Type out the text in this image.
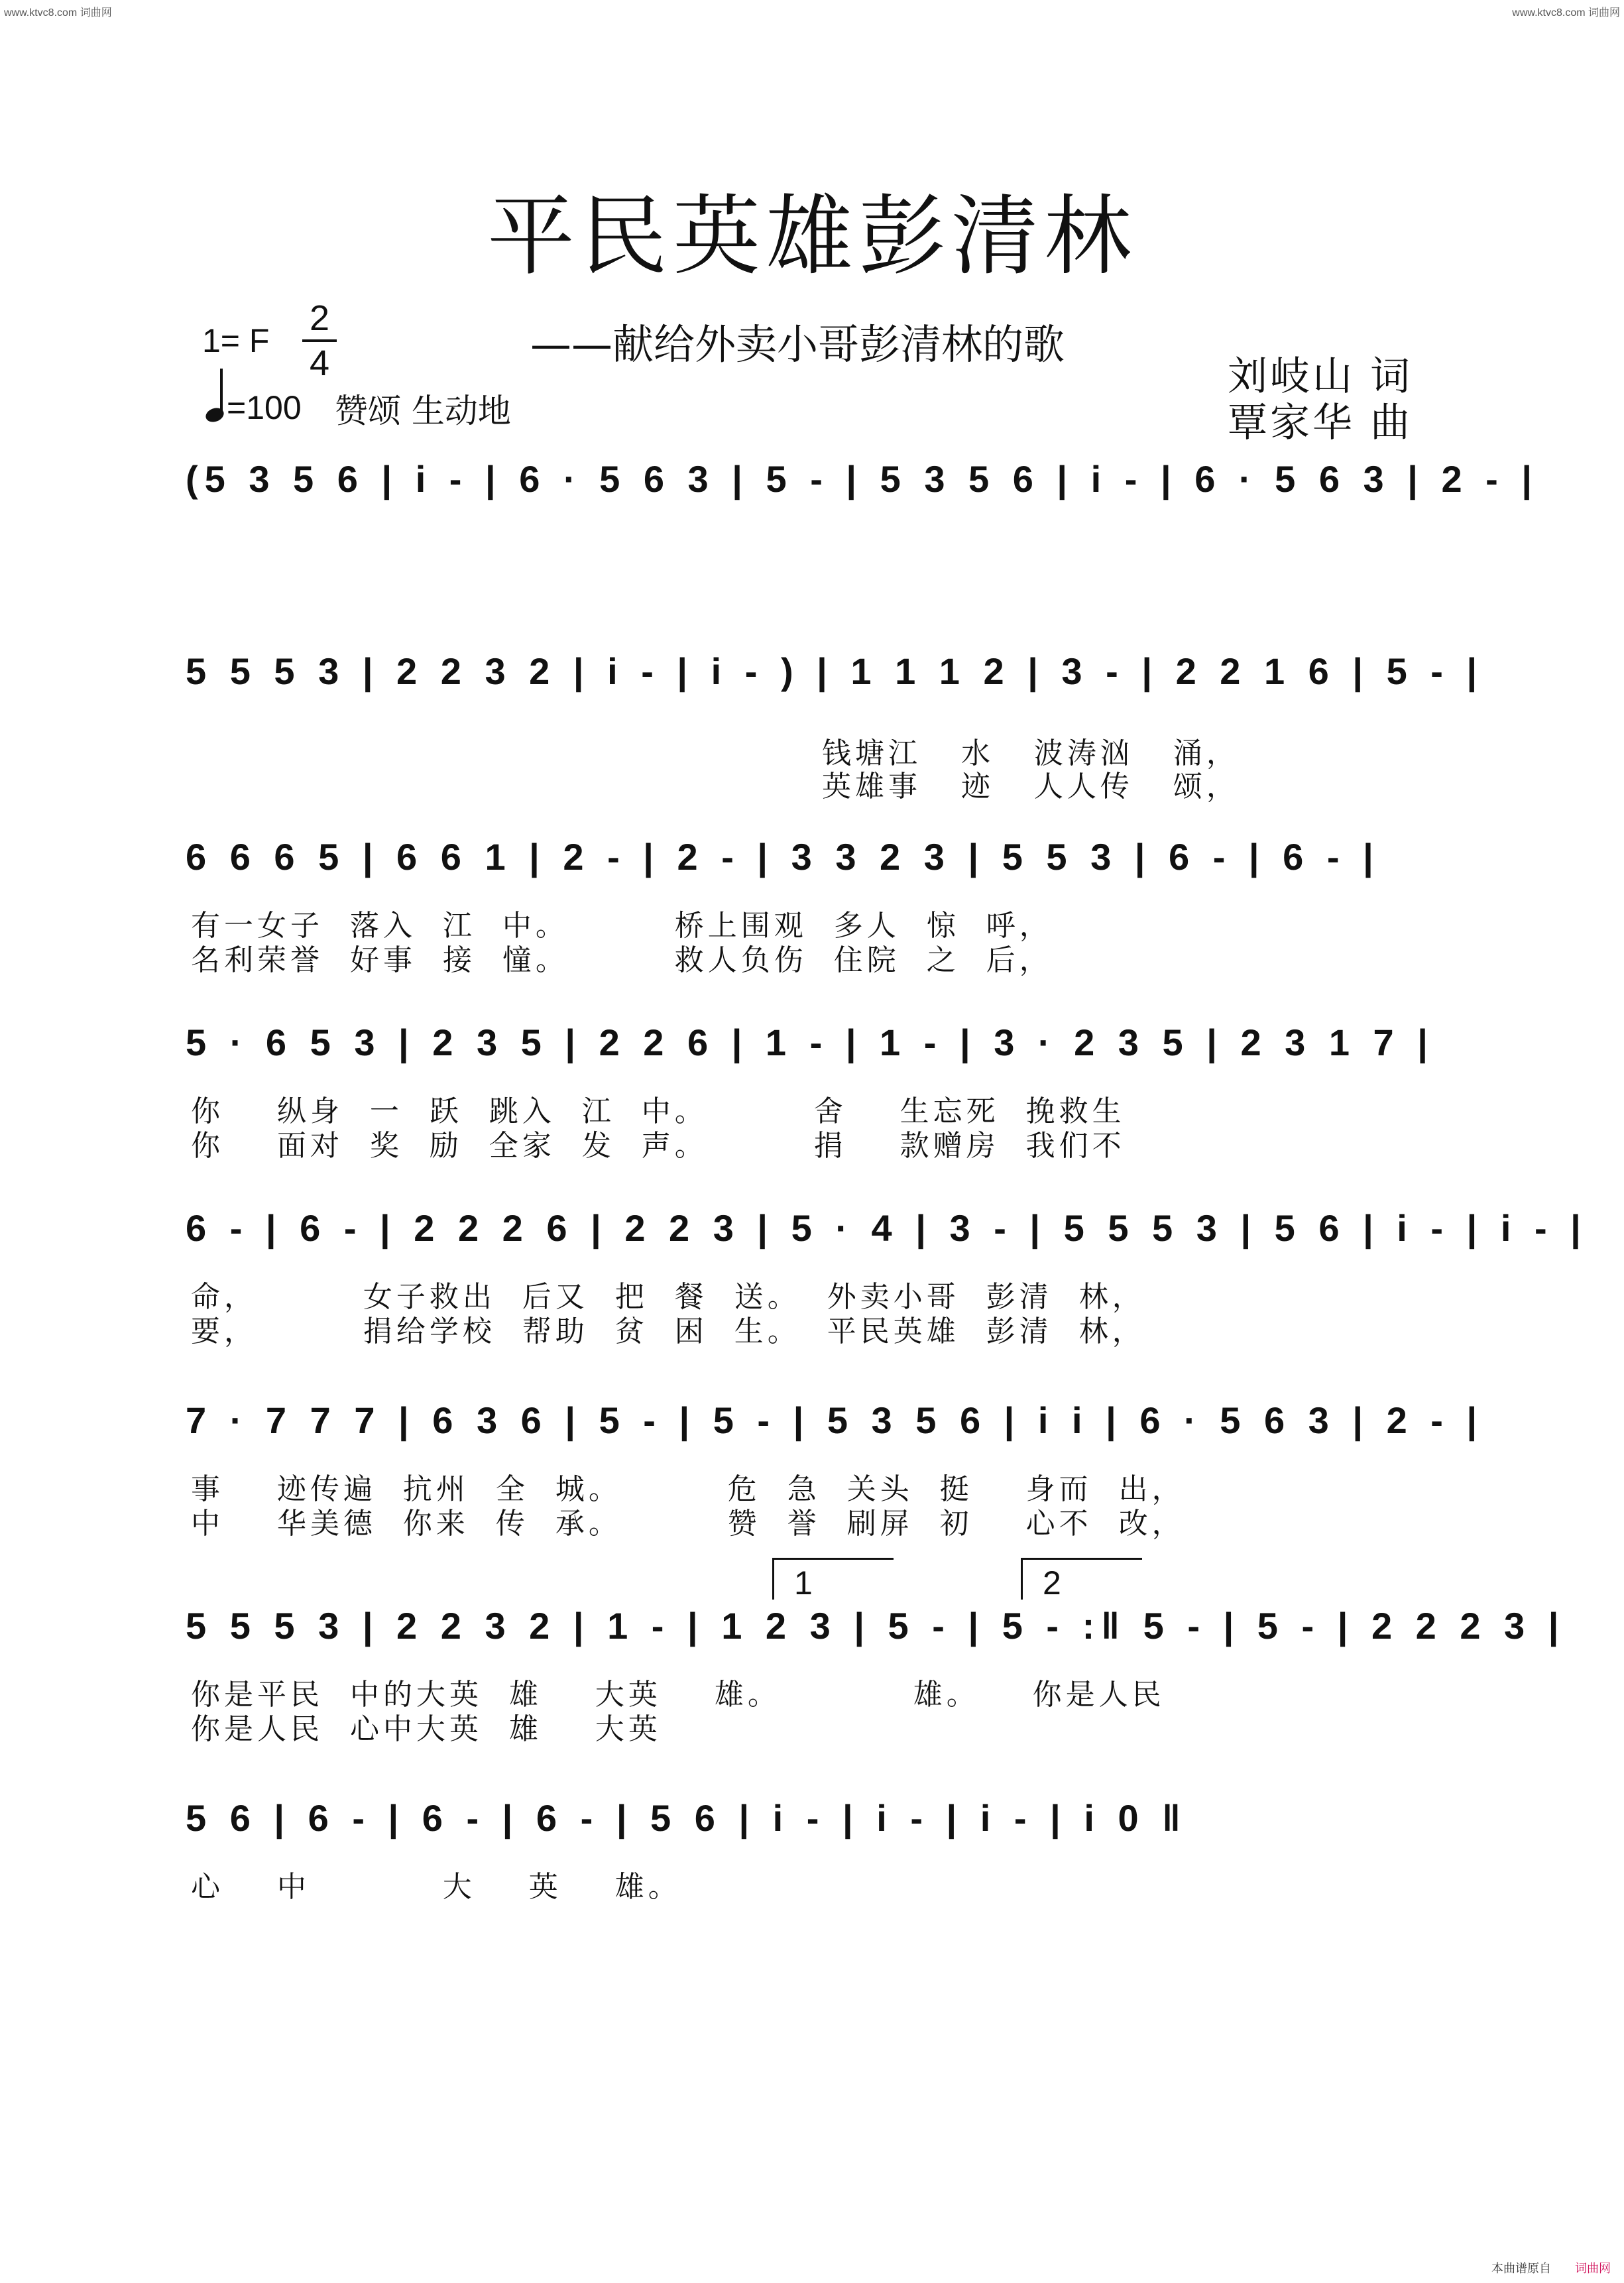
www.ktvc8.com 词曲网	www.ktvc8.com 词曲网
平民英雄彭清林
——献给外卖小哥彭清林的歌
1= F
2
4
=100 赞颂 生动地
刘岐山 词
覃家华 曲
(5 3 5 6 | i - | 6 · 5 6 3 | 5 - | 5 3 5 6 | i - | 6 · 5 6 3 | 2 - |
5 5 5 3 | 2 2 3 2 | i - | i - ) | 1 1 1 2 | 3 - | 2 2 1 6 | 5 - |
钱塘江   水   波涛汹   涌，
英雄事   迹   人人传   颂，
6 6 6 5 | 6 6 1 | 2 - | 2 - | 3 3 2 3 | 5 5 3 | 6 - | 6 - |
有一女子  落入  江  中。        桥上围观  多人  惊  呼，
名利荣誉  好事  接  憧。        救人负伤  住院  之  后，
5 · 6 5 3 | 2 3 5 | 2 2 6 | 1 - | 1 - | 3 · 2 3 5 | 2 3 1 7 |
你    纵身  一  跃  跳入  江  中。        舍    生忘死  挽救生
你    面对  奖  励  全家  发  声。        捐    款赠房  我们不
6 - | 6 - | 2 2 2 6 | 2 2 3 | 5 · 4 | 3 - | 5 5 5 3 | 5 6 | i - | i - |
命，        女子救出  后又  把  餐  送。  外卖小哥  彭清  林，
要，        捐给学校  帮助  贫  困  生。  平民英雄  彭清  林，
7 · 7 7 7 | 6 3 6 | 5 - | 5 - | 5 3 5 6 | i i | 6 · 5 6 3 | 2 - |
事    迹传遍  抗州  全  城。        危  急  关头  挺    身而  出，
中    华美德  你来  传  承。        赞  誉  刷屏  初    心不  改，
1	2
5 5 5 3 | 2 2 3 2 | 1 - | 1 2 3 | 5 - | 5 - :‖ 5 - | 5 - | 2 2 2 3 |
你是平民  中的大英  雄    大英    雄。          雄。    你是人民
你是人民  心中大英  雄    大英
5 6 | 6 - | 6 - | 6 - | 5 6 | i - | i - | i - | i 0 ‖
心    中          大    英    雄。
本曲谱原自 词曲网
